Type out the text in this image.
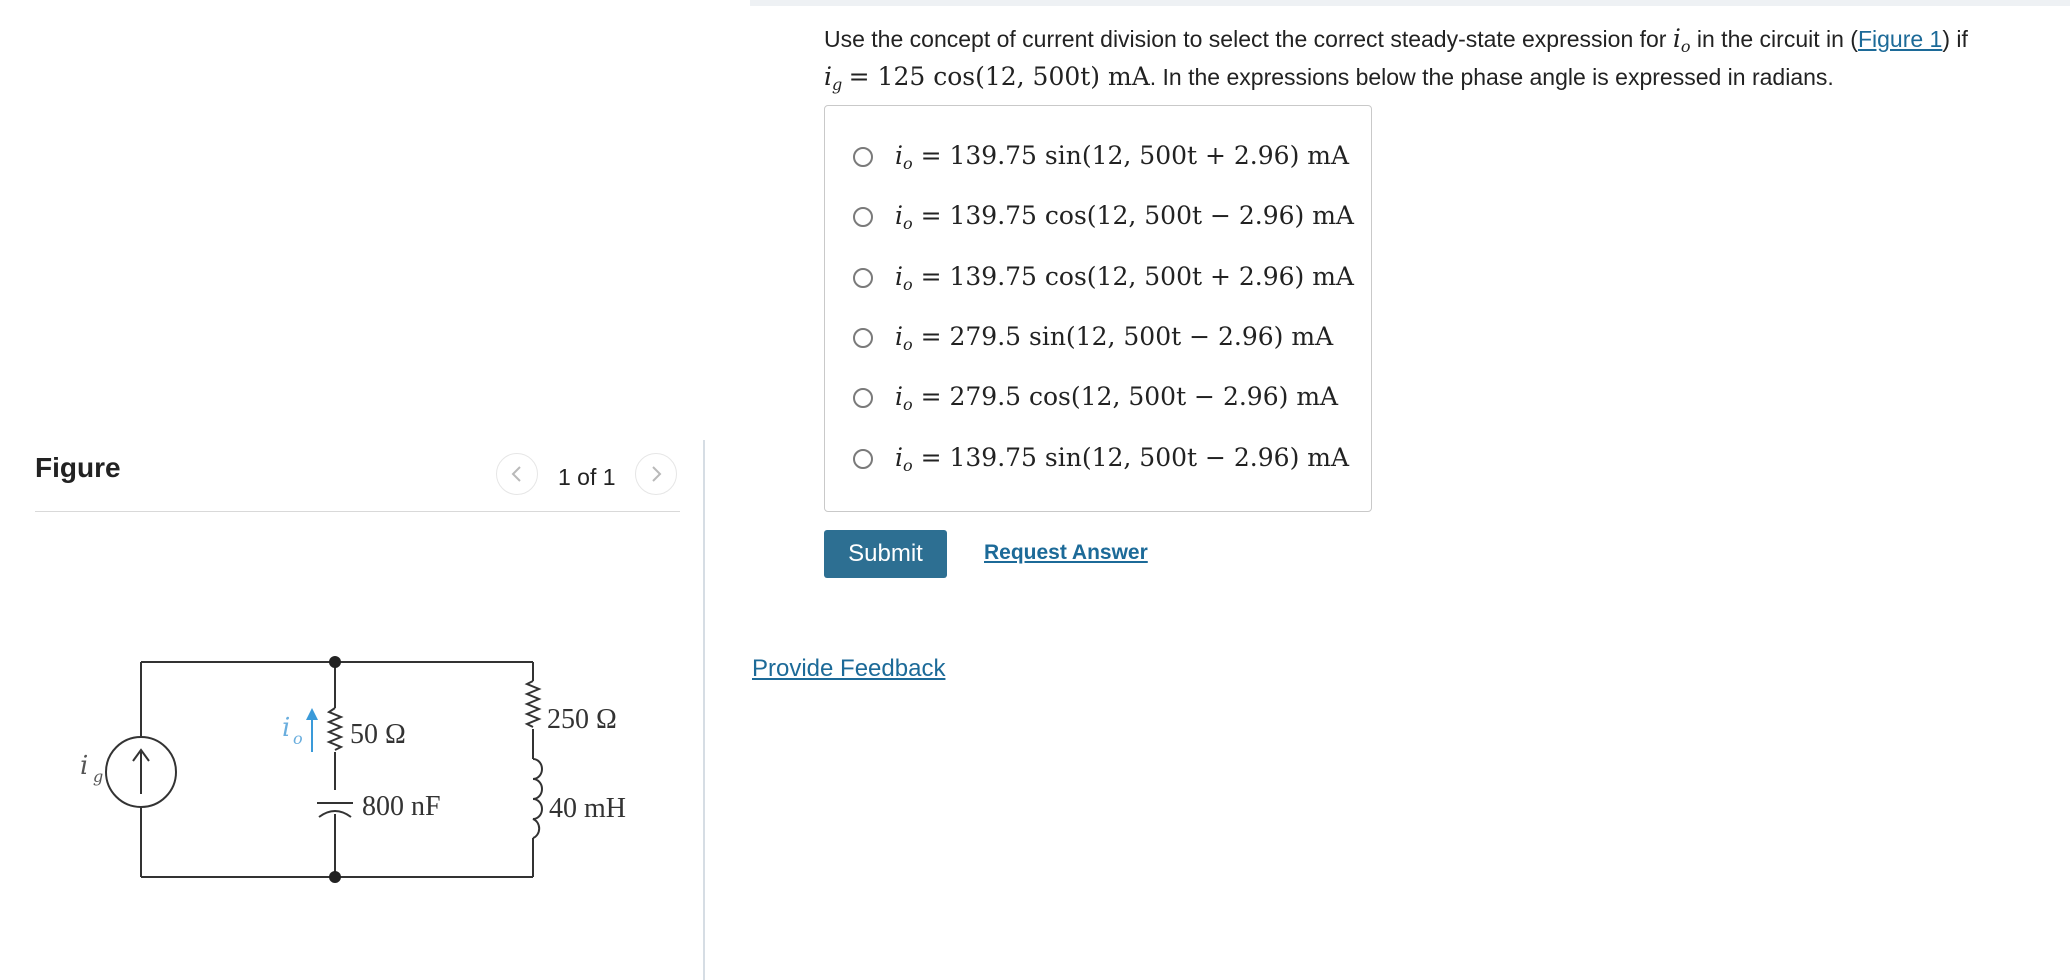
Figure	1 of 1
i g
i o 50 Ω
800 nF
250 Ω
40 mH
Use the concept of current division to select the correct steady-state expression for $i_o$ in the circuit in (Figure 1) if
$i_g = 125$ cos(12, 500t) mA. In the expressions below the phase angle is expressed in radians.
$i_o = 139.75$ sin(12, 500t + 2.96) mA
$i_o = 139.75$ cos(12, 500t − 2.96) mA
$i_o = 139.75$ cos(12, 500t + 2.96) mA
$i_o = 279.5$ sin(12, 500t − 2.96) mA
$i_o = 279.5$ cos(12, 500t − 2.96) mA
$i_o = 139.75$ sin(12, 500t − 2.96) mA
Submit	Request Answer
Provide Feedback
